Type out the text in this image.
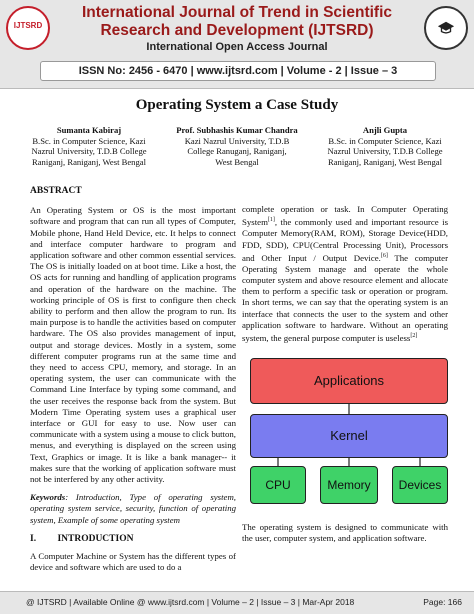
IJTSRD
International Journal of Trend in Scientific
Research and Development (IJTSRD)
International Open Access Journal
ISSN No: 2456 - 6470 | www.ijtsrd.com | Volume - 2 | Issue – 3
Operating System a Case Study
Sumanta Kabiraj
B.Sc. in Computer Science, Kazi
Nazrul University, T.D.B College
Raniganj, Raniganj, West Bengal
Prof. Subhashis Kumar Chandra
Kazi Nazrul University, T.D.B
College Ranuganj, Raniganj,
West Bengal
Anjli Gupta
B.Sc. in Computer Science, Kazi
Nazrul University, T.D.B College
Raniganj, Raniganj, West Bengal
ABSTRACT
An Operating System or OS is the most important software and program that can run all types of Computer, Mobile phone, Hand Held Device, etc. It helps to connect and interface computer hardware to program and application software and other common essential services. The OS is initially loaded on at boot time. Like a host, the OS acts for running and handling of application programs and operation of the hardware on the machine. The working principle of OS is first to configure then check ability to perform and then allow the program to run. Its main purpose is to handle the activities based on computer hardware. The OS also provides management of input, output and storage devices. Mostly in a system, some different computer programs run at the same time and they need to access CPU, memory, and storage. In an operating system, the user can communicate with the Command Line Interface by typing some command, and the user receives the response back from the system. But Modern Time Operating system uses a graphical user interface or GUI for easy to use. Now user can communicate with a system using a mouse to click button, menus, and everything is displayed on the screen using Text, Graphics or image. It is like a bank manager-- it makes sure that the working of application software must not be interfered by any other activity.
Keywords: Introduction, Type of operating system, operating system service, security, function of operating system, Example of some operating system
I.         INTRODUCTION
A Computer Machine or System has the different types of device and software which are used to do a
complete operation or task. In Computer Operating System[1], the commonly used and important resource is Computer Memory(RAM, ROM), Storage Device(HDD, FDD, SDD), CPU(Central Processing Unit), Processors and Other Input / Output Device.[6] The computer Operating System manage and operate the whole computer system and above resource element and allocate them to perform a specific task or operation or program. In short terms, we can say that the operating system is an interface that connects the user to the system and other application software to hardware. Without an operating system, the general purpose computer is useless[2]
Applications
Kernel
CPU	Memory	Devices
The operating system is designed to communicate with the user, computer system, and application software.
@ IJTSRD | Available Online @ www.ijtsrd.com | Volume – 2 | Issue – 3 | Mar-Apr 2018	Page: 166
